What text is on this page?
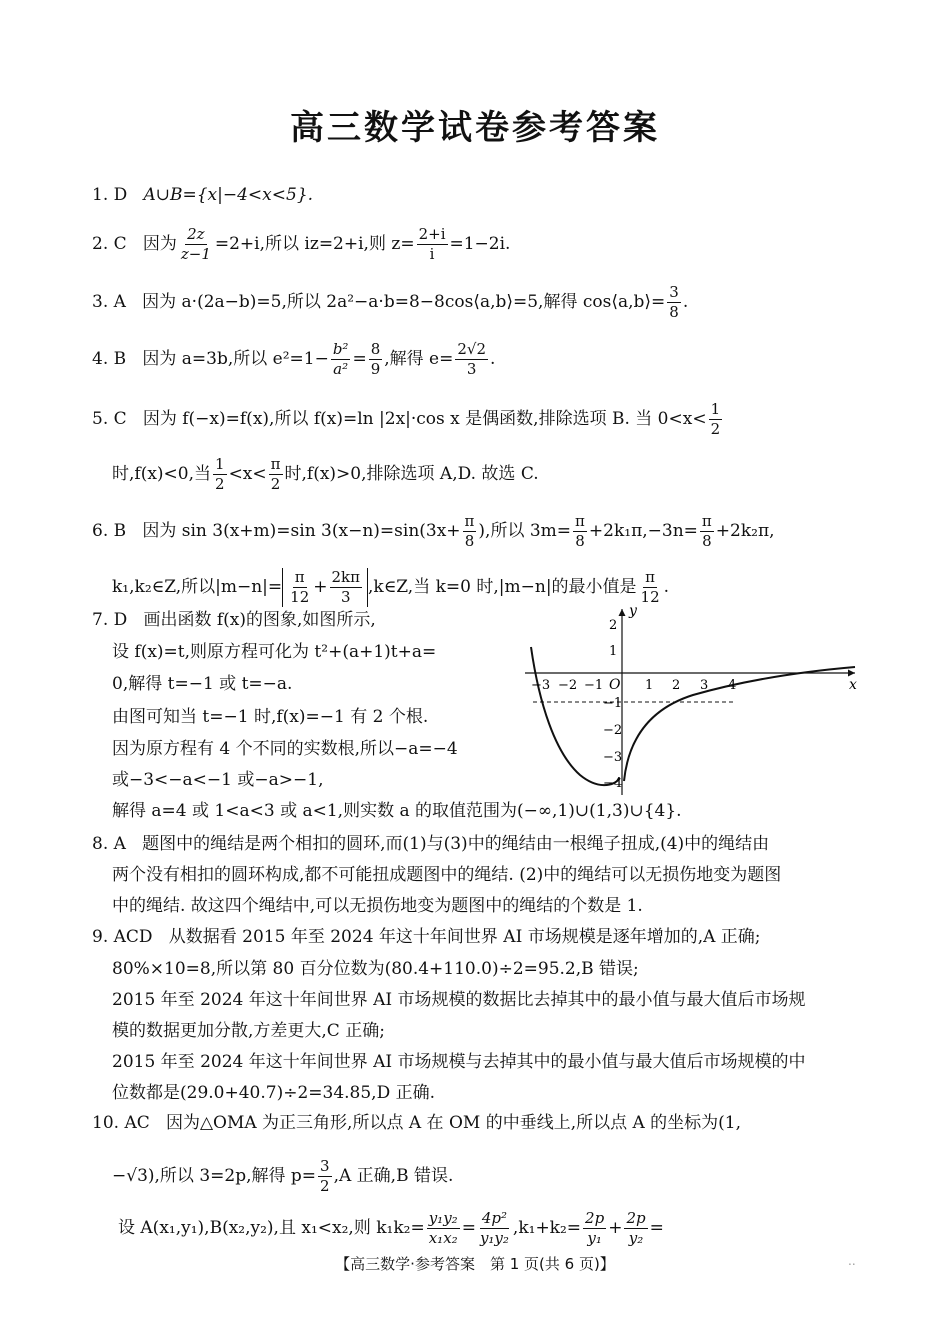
高三数学试卷参考答案
1. D A∪B={x|−4<x<5}.
2. C 因为 $\frac{2z}{z-1} =2+i$,所以 iz=2+i,则 $z= \frac{2+i}{i} =1-2i$.
3. A 因为 a·(2a−b)=5,所以 2a²−a·b=8−8cos⟨a,b⟩=5,解得 cos⟨a,b⟩= $\frac{3}{8}$ .
4. B 因为 a=3b,所以 $e^2=1- \frac{\text{b²}}{\text{a²}} = \frac{8}{9}$ ,解得 $e= \frac{2√2}{3}$ .
5. C 因为 f(−x)=f(x),所以 f(x)=ln |2x|·cos x 是偶函数,排除选项 B. 当 $0<x< \frac{1}{2}$
时,f(x)<0,当 $\frac{1}{2} <x< \frac{\pi}{2}$ 时,f(x)>0,排除选项 A,D. 故选 C.
6. B 因为 sin 3(x+m)=sin $3(x-n)=\sin(3x+ \frac{\pi}{8}$ ),所以 $3m= \frac{\pi}{8} +2k_1\pi,-3n= \frac{\pi}{8} +2k_2\pi$,
k₁,k₂∈Z,所以$|m-n|= \frac{\pi}{12} + \frac{2k\pi}{3}$ ,k∈Z,当 k=0 时,|m−n|的最小值是 $\frac{\pi}{12}$ .
7. D 画出函数 f(x)的图象,如图所示,
设 f(x)=t,则原方程可化为 t²+(a+1)t+a=
0,解得 t=−1 或 t=−a.
由图可知当 t=−1 时,f(x)=−1 有 2 个根.
因为原方程有 4 个不同的实数根,所以−a=−4
或−3<−a<−1 或−a>−1,
解得 a=4 或 1<a<3 或 a<1,则实数 a 的取值范围为(−∞,1)∪(1,3)∪{4}.
x
y
O
−3 −2 −1	1 2 3 4
2
1
−1
−2
−3
−4
8. A 题图中的绳结是两个相扣的圆环,而(1)与(3)中的绳结由一根绳子扭成,(4)中的绳结由
两个没有相扣的圆环构成,都不可能扭成题图中的绳结. (2)中的绳结可以无损伤地变为题图
中的绳结. 故这四个绳结中,可以无损伤地变为题图中的绳结的个数是 1.
9. ACD 从数据看 2015 年至 2024 年这十年间世界 AI 市场规模是逐年增加的,A 正确;
80%×10=8,所以第 80 百分位数为(80.4+110.0)÷2=95.2,B 错误;
2015 年至 2024 年这十年间世界 AI 市场规模的数据比去掉其中的最小值与最大值后市场规
模的数据更加分散,方差更大,C 正确;
2015 年至 2024 年这十年间世界 AI 市场规模与去掉其中的最小值与最大值后市场规模的中
位数都是(29.0+40.7)÷2=34.85,D 正确.
10. AC 因为△OMA 为正三角形,所以点 A 在 OM 的中垂线上,所以点 A 的坐标为(1,
−√3),所以 3=2p,解得 $p= \frac{3}{2} ,A$ 正确,B 错误.
设 A(x₁,y₁),B(x₂,y₂),且 x₁<x₂,则 $k_1k_2= \frac{\text{y₁y₂}}{\text{x₁x₂}} = \frac{\text{4p²}}{\text{y₁y₂}} ,k_1+k_2= \frac{2p}{\text{y₁}} + \frac{2p}{\text{y₂}}$ =
【高三数学·参考答案　第 1 页(共 6 页)】	..
